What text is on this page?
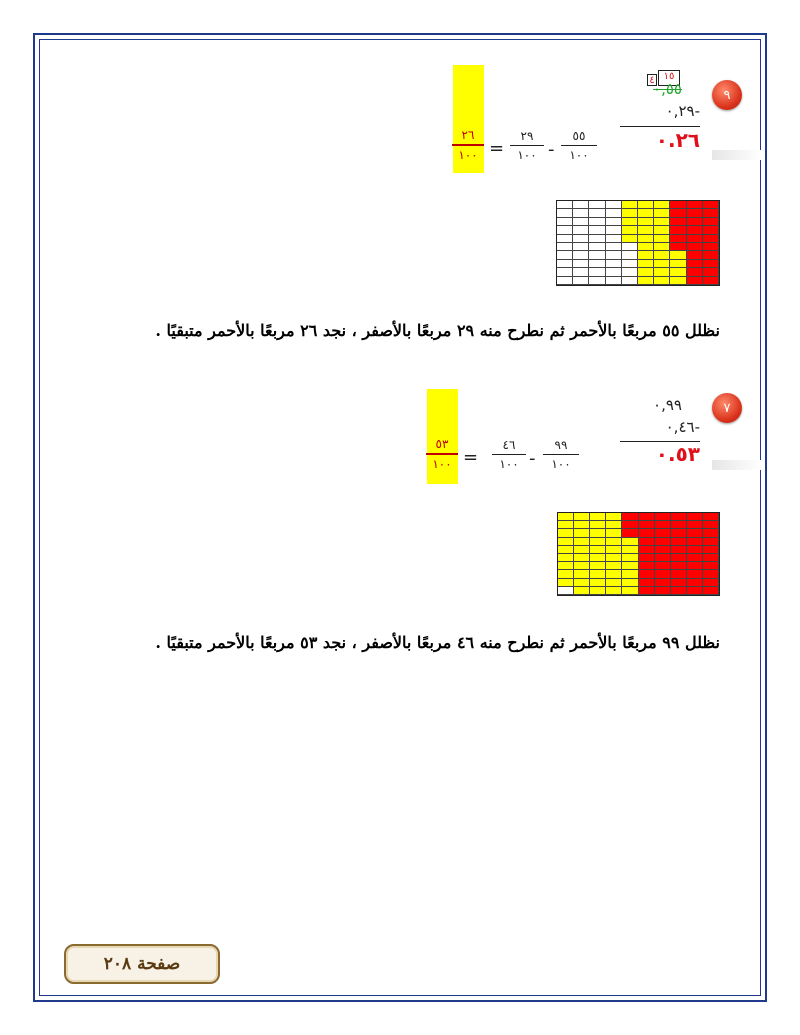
٩
٤ ١٥
٠,٥٥
٠,٢٩-
٠.٢٦
٢٦
١٠٠ =
٢٩
١٠٠ -
٥٥
١٠٠
نظلل ٥٥ مربعًا بالأحمر ثم نطرح منه ٢٩ مربعًا بالأصفر ، نجد ٢٦ مربعًا بالأحمر متبقيًا .
٧
٠,٩٩
٠,٤٦-
٠.٥٣
٥٣
١٠٠ =
٤٦
١٠٠ -
٩٩
١٠٠
نظلل ٩٩ مربعًا بالأحمر ثم نطرح منه ٤٦ مربعًا بالأصفر ، نجد ٥٣ مربعًا بالأحمر متبقيًا .
صفحة ٢٠٨
